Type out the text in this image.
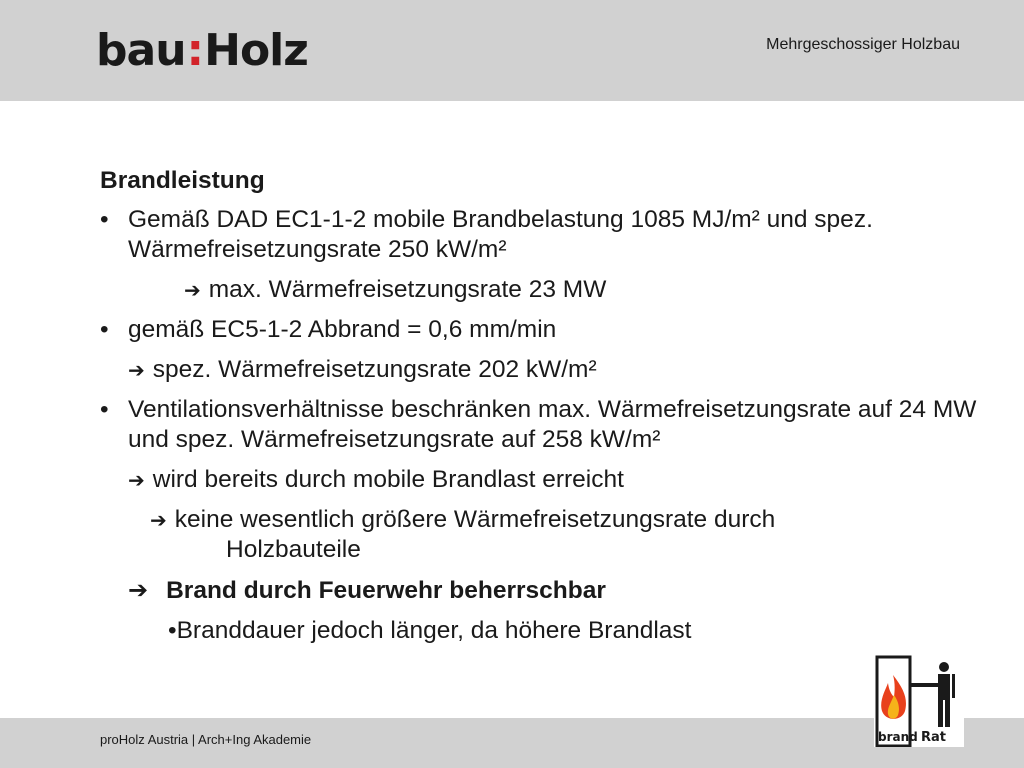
bau:Holz	Mehrgeschossiger Holzbau
Brandleistung
• Gemäß DAD EC1-1-2 mobile Brandbelastung 1085 MJ/m² und spez. Wärmefreisetzungsrate 250 kW/m²
➔ max. Wärmefreisetzungsrate 23 MW
• gemäß EC5-1-2 Abbrand = 0,6 mm/min
➔ spez. Wärmefreisetzungsrate 202 kW/m²
• Ventilationsverhältnisse beschränken max. Wärmefreisetzungsrate auf 24 MW und spez. Wärmefreisetzungsrate auf 258 kW/m²
➔ wird bereits durch mobile Brandlast erreicht
➔ keine wesentlich größere Wärmefreisetzungsrate durch
Holzbauteile
➔ Brand durch Feuerwehr beherrschbar
•Branddauer jedoch länger, da höhere Brandlast
proHolz Austria | Arch+Ing Akademie	brand Rat
